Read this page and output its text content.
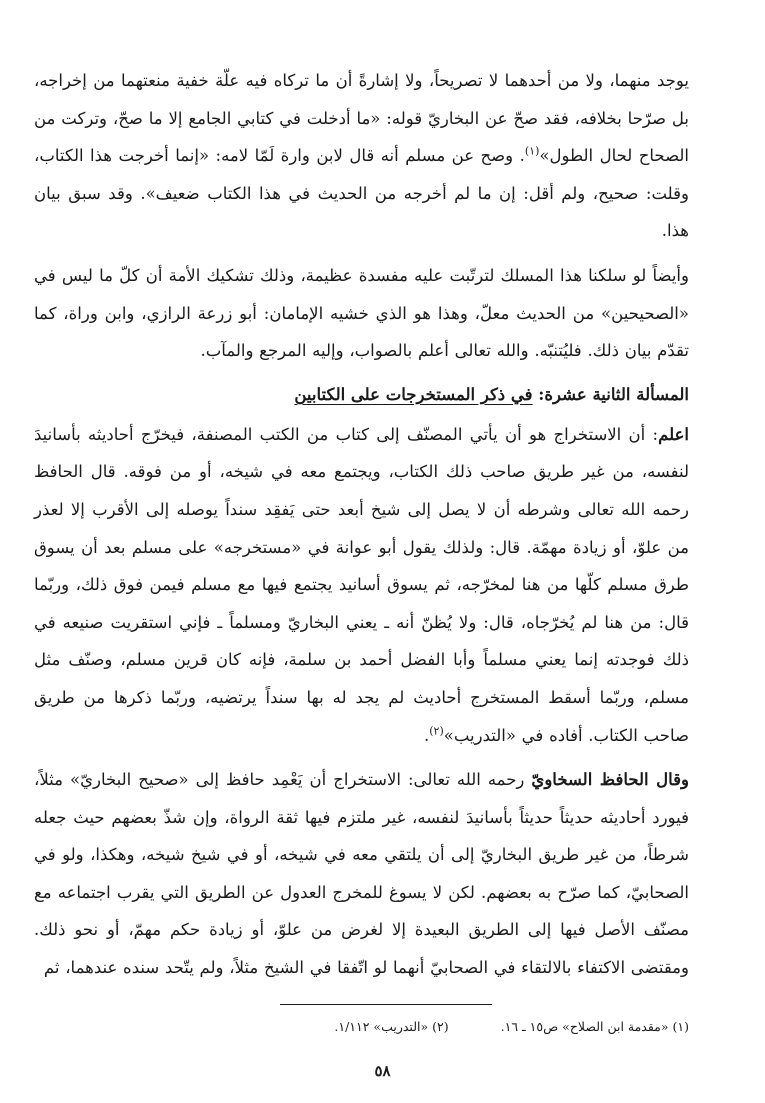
يوجد منهما، ولا من أحدهما لا تصريحاً، ولا إشارةً أن ما تركاه فيه علّة خفية منعتهما من إخراجه، بل صرّحا بخلافه، فقد صحّ عن البخاريّ قوله: «ما أدخلت في كتابي الجامع إلا ما صحّ، وتركت من الصحاح لحال الطول»$^{(١)}$. وصح عن مسلم أنه قال لابن وارة لَمّا لامه: «إنما أخرجت هذا الكتاب، وقلت: صحيح، ولم أقل: إن ما لم أخرجه من الحديث في هذا الكتاب ضعيف». وقد سبق بيان هذا.

وأيضاً لو سلكنا هذا المسلك لترتّبت عليه مفسدة عظيمة، وذلك تشكيك الأمة أن كلّ ما ليس في «الصحيحين» من الحديث معلّ، وهذا هو الذي خشيه الإمامان: أبو زرعة الرازي، وابن وراة، كما تقدّم بيان ذلك. فليُتنبّه. والله تعالى أعلم بالصواب، وإليه المرجع والمآب.

المسألة الثانية عشرة: في ذكر المستخرجات على الكتابين

اعلم: أن الاستخراج هو أن يأتي المصنّف إلى كتاب من الكتب المصنفة، فيخرّج أحاديثه بأسانيدَ لنفسه، من غير طريق صاحب ذلك الكتاب، ويجتمع معه في شيخه، أو من فوقه. قال الحافظ رحمه الله تعالى وشرطه أن لا يصل إلى شيخ أبعد حتى يَفقِد سنداً يوصله إلى الأقرب إلا لعذر من علوّ، أو زيادة مهمّة. قال: ولذلك يقول أبو عوانة في «مستخرجه» على مسلم بعد أن يسوق طرق مسلم كلّها من هنا لمخرّجه، ثم يسوق أسانيد يجتمع فيها مع مسلم فيمن فوق ذلك، وربّما قال: من هنا لم يُخرّجاه، قال: ولا يُظنّ أنه ـ يعني البخاريّ ومسلماً ـ فإني استقريت صنيعه في ذلك فوجدته إنما يعني مسلماً وأبا الفضل أحمد بن سلمة، فإنه كان قرين مسلم، وصنّف مثل مسلم، وربّما أسقط المستخرج أحاديث لم يجد له بها سنداً يرتضيه، وربّما ذكرها من طريق صاحب الكتاب. أفاده في «التدريب»$^{(٢)}$.

وقال الحافظ السخاويّ رحمه الله تعالى: الاستخراج أن يَعْمِد حافظ إلى «صحيح البخاريّ» مثلاً، فيورد أحاديثه حديثاً حديثاً بأسانيدَ لنفسه، غير ملتزم فيها ثقة الرواة، وإن شذّ بعضهم حيث جعله شرطاً، من غير طريق البخاريّ إلى أن يلتقي معه في شيخه، أو في شيخ شيخه، وهكذا، ولو في الصحابيّ، كما صرّح به بعضهم. لكن لا يسوغ للمخرج العدول عن الطريق التي يقرب اجتماعه مع مصنّف الأصل فيها إلى الطريق البعيدة إلا لغرض من علوّ، أو زيادة حكم مهمّ، أو نحو ذلك. ومقتضى الاكتفاء بالالتقاء في الصحابيّ أنهما لو اتّفقا في الشيخ مثلاً، ولم يتّحد سنده عندهما، ثم

(١) «مقدمة ابن الصلاح» ص١٥ ـ ١٦.
(٢) «التدريب» ١/١١٢.
٥٨
